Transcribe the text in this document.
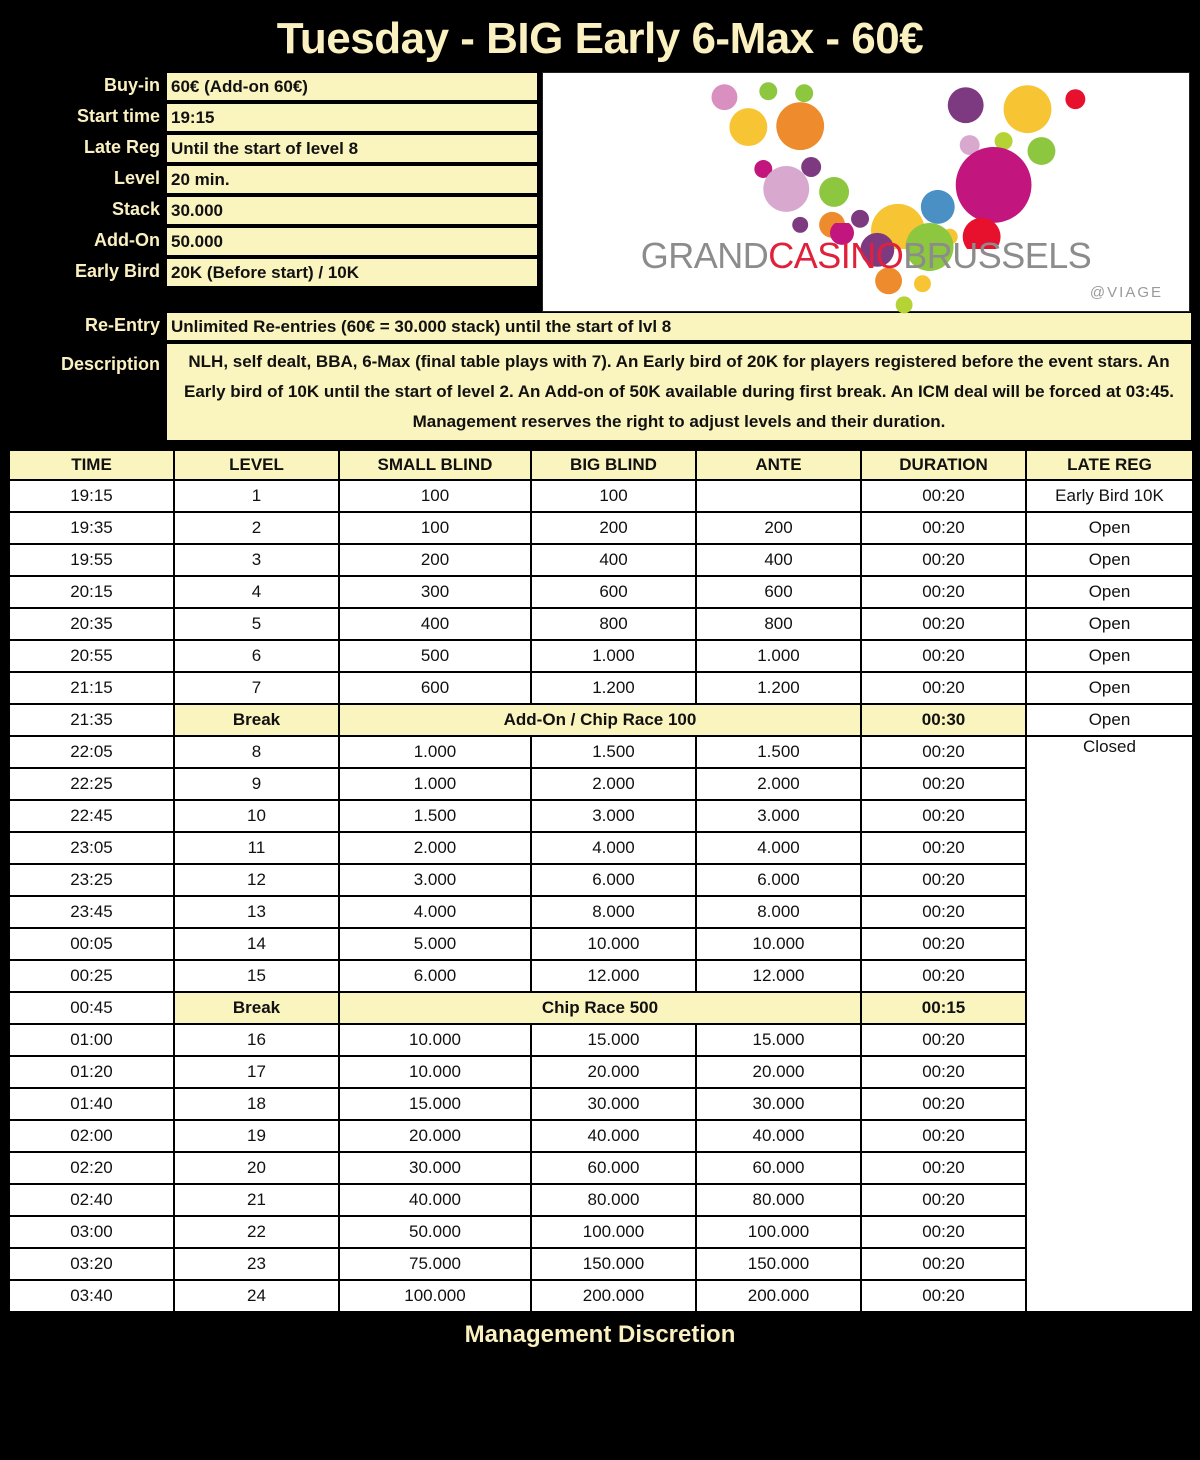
Tuesday - BIG Early 6-Max - 60€
Buy-in 60€ (Add-on 60€)
Start time 19:15
Late Reg Until the start of level 8
Level 20 min.
Stack 30.000
Add-On 50.000
Early Bird 20K (Before start) / 10K	GRANDCASINOBRUSSELS
@VIAGE
Re-Entry Unlimited Re-entries (60€ = 30.000 stack) until the start of lvl 8
Description	NLH, self dealt, BBA, 6-Max (final table plays with 7). An Early bird of 20K for players registered before the event stars. An Early bird of 10K until the start of level 2. An Add-on of 50K available during first break. An ICM deal will be forced at 03:45. Management reserves the right to adjust levels and their duration.
TIME	LEVEL	SMALL BLIND	BIG BLIND	ANTE	DURATION	LATE REG
19:15	1	100	100		00:20	Early Bird 10K
19:35	2	100	200	200	00:20	Open
19:55	3	200	400	400	00:20	Open
20:15	4	300	600	600	00:20	Open
20:35	5	400	800	800	00:20	Open
20:55	6	500	1.000	1.000	00:20	Open
21:15	7	600	1.200	1.200	00:20	Open
21:35	Break	Add-On / Chip Race 100			00:30	Open
22:05	8	1.000	1.500	1.500	00:20	Closed
22:25	9	1.000	2.000	2.000	00:20	
22:45	10	1.500	3.000	3.000	00:20	
23:05	11	2.000	4.000	4.000	00:20	
23:25	12	3.000	6.000	6.000	00:20	
23:45	13	4.000	8.000	8.000	00:20	
00:05	14	5.000	10.000	10.000	00:20	
00:25	15	6.000	12.000	12.000	00:20	
00:45	Break	Chip Race 500			00:15	
01:00	16	10.000	15.000	15.000	00:20	
01:20	17	10.000	20.000	20.000	00:20	
01:40	18	15.000	30.000	30.000	00:20	
02:00	19	20.000	40.000	40.000	00:20	
02:20	20	30.000	60.000	60.000	00:20	
02:40	21	40.000	80.000	80.000	00:20	
03:00	22	50.000	100.000	100.000	00:20	
03:20	23	75.000	150.000	150.000	00:20	
03:40	24	100.000	200.000	200.000	00:20	
Management Discretion
